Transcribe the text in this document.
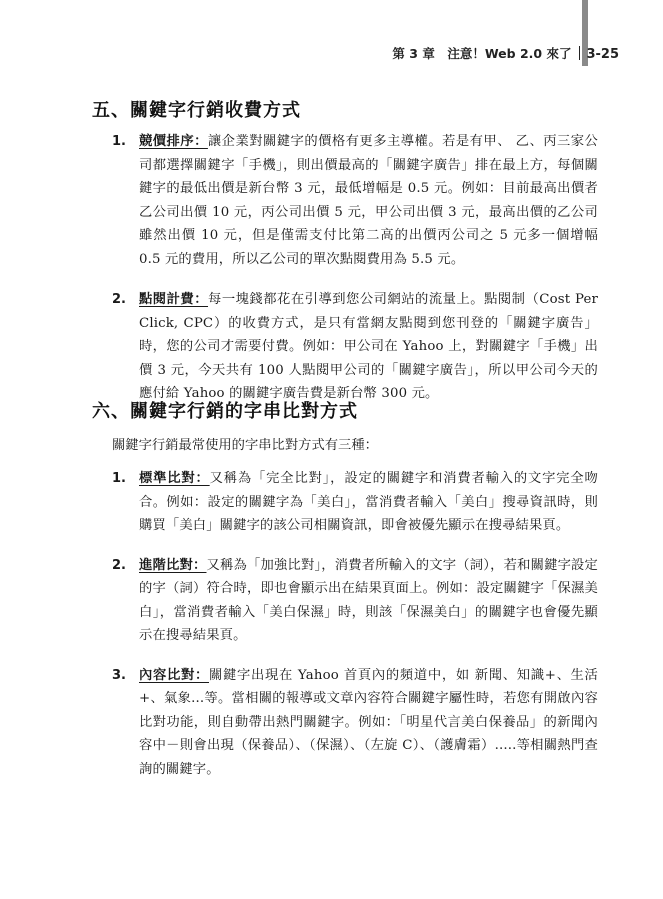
第 3 章　注意！Web 2.0 來了 3-25
五、關鍵字行銷收費方式
1. 競價排序：讓企業對關鍵字的價格有更多主導權。若是有甲、 乙、丙三家公司都選擇關鍵字「手機」，則出價最高的「關鍵字廣告」排在最上方，每個關鍵字的最低出價是新台幣 3 元，最低增幅是 0.5 元。例如：目前最高出價者乙公司出價 10 元，丙公司出價 5 元，甲公司出價 3 元，最高出價的乙公司雖然出價 10 元，但是僅需支付比第二高的出價丙公司之 5 元多一個增幅 0.5 元的費用，所以乙公司的單次點閱費用為 5.5 元。
2. 點閱計費：每一塊錢都花在引導到您公司網站的流量上。點閱制（Cost Per Click, CPC）的收費方式，是只有當網友點閱到您刊登的「關鍵字廣告」時，您的公司才需要付費。例如：甲公司在 Yahoo 上，對關鍵字「手機」出價 3 元，今天共有 100 人點閱甲公司的「關鍵字廣告」，所以甲公司今天的應付給 Yahoo 的關鍵字廣告費是新台幣 300 元。
六、關鍵字行銷的字串比對方式

關鍵字行銷最常使用的字串比對方式有三種：

1. 標準比對：又稱為「完全比對」，設定的關鍵字和消費者輸入的文字完全吻合。例如：設定的關鍵字為「美白」，當消費者輸入「美白」搜尋資訊時，則購買「美白」關鍵字的該公司相關資訊，即會被優先顯示在搜尋結果頁。
2. 進階比對：又稱為「加強比對」，消費者所輸入的文字（詞），若和關鍵字設定的字（詞）符合時，即也會顯示出在結果頁面上。例如：設定關鍵字「保濕美白」，當消費者輸入「美白保濕」時，則該「保濕美白」的關鍵字也會優先顯示在搜尋結果頁。
3. 內容比對：關鍵字出現在 Yahoo 首頁內的頻道中，如 新聞、知識+、生活+、氣象...等。當相關的報導或文章內容符合關鍵字屬性時，若您有開啟內容比對功能，則自動帶出熱門關鍵字。例如：「明星代言美白保養品」的新聞內容中－則會出現（保養品）、（保濕）、（左旋 C）、（護膚霜）.....等相關熱門查詢的關鍵字。
